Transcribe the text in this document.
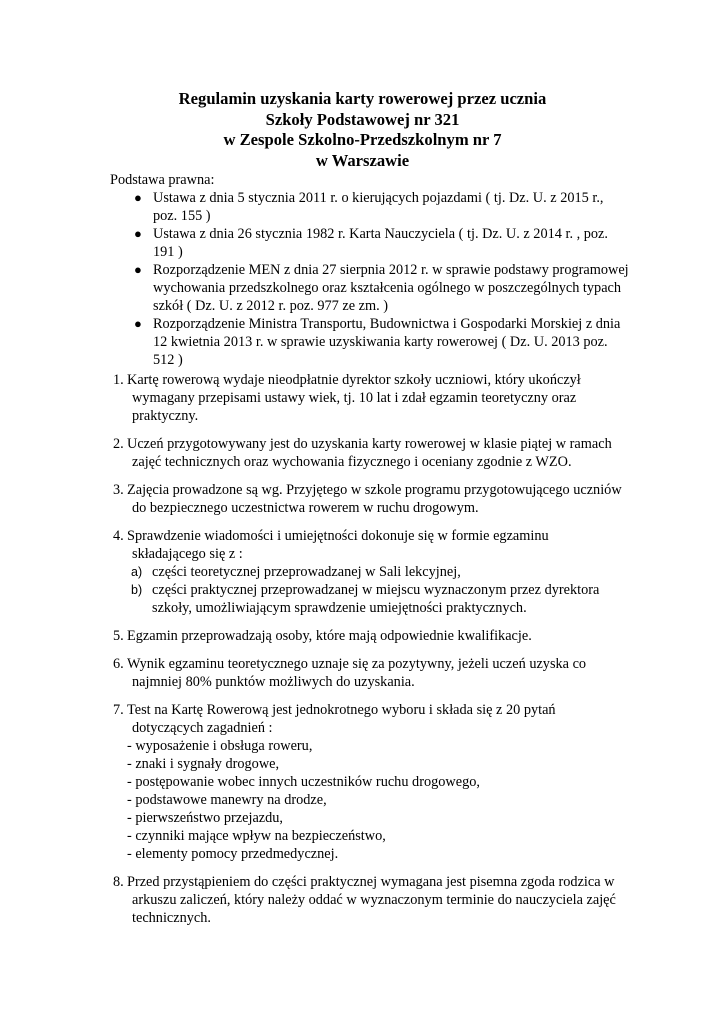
Regulamin uzyskania karty rowerowej przez ucznia
Szkoły Podstawowej nr 321
w Zespole Szkolno-Przedszkolnym nr 7
w Warszawie
Podstawa prawna:
● Ustawa z dnia 5 stycznia 2011 r. o kierujących pojazdami ( tj. Dz. U. z 2015 r., poz. 155 )
● Ustawa z dnia 26 stycznia 1982 r. Karta Nauczyciela ( tj. Dz. U. z 2014 r. , poz. 191 )
● Rozporządzenie MEN z dnia 27 sierpnia 2012 r. w sprawie podstawy programowej wychowania przedszkolnego oraz kształcenia ogólnego w poszczególnych typach szkół ( Dz. U. z 2012 r. poz. 977 ze zm. )
● Rozporządzenie Ministra Transportu, Budownictwa i Gospodarki Morskiej z dnia 12 kwietnia 2013 r. w sprawie uzyskiwania karty rowerowej ( Dz. U. 2013 poz. 512 )
1. Kartę rowerową wydaje nieodpłatnie dyrektor szkoły uczniowi, który ukończył
wymagany przepisami ustawy wiek, tj. 10 lat i zdał egzamin teoretyczny oraz praktyczny.
2. Uczeń przygotowywany jest do uzyskania karty rowerowej w klasie piątej w ramach
zajęć technicznych oraz wychowania fizycznego i oceniany zgodnie z WZO.
3. Zajęcia prowadzone są wg. Przyjętego w szkole programu przygotowującego uczniów
do bezpiecznego uczestnictwa rowerem w ruchu drogowym.
4. Sprawdzenie wiadomości i umiejętności dokonuje się w formie egzaminu
składającego się z :
a) części teoretycznej przeprowadzanej w Sali lekcyjnej,
b) części praktycznej przeprowadzanej w miejscu wyznaczonym przez dyrektora szkoły, umożliwiającym sprawdzenie umiejętności praktycznych.
5. Egzamin przeprowadzają osoby, które mają odpowiednie kwalifikacje.
6. Wynik egzaminu teoretycznego uznaje się za pozytywny, jeżeli uczeń uzyska co
najmniej 80% punktów możliwych do uzyskania.
7. Test na Kartę Rowerową jest jednokrotnego wyboru i składa się z 20 pytań
dotyczących zagadnień :
- wyposażenie i obsługa roweru,
- znaki i sygnały drogowe,
- postępowanie wobec innych uczestników ruchu drogowego,
- podstawowe manewry na drodze,
- pierwszeństwo przejazdu,
- czynniki mające wpływ na bezpieczeństwo,
- elementy pomocy przedmedycznej.
8. Przed przystąpieniem do części praktycznej wymagana jest pisemna zgoda rodzica w
arkuszu zaliczeń, który należy oddać w wyznaczonym terminie do nauczyciela zajęć technicznych.
